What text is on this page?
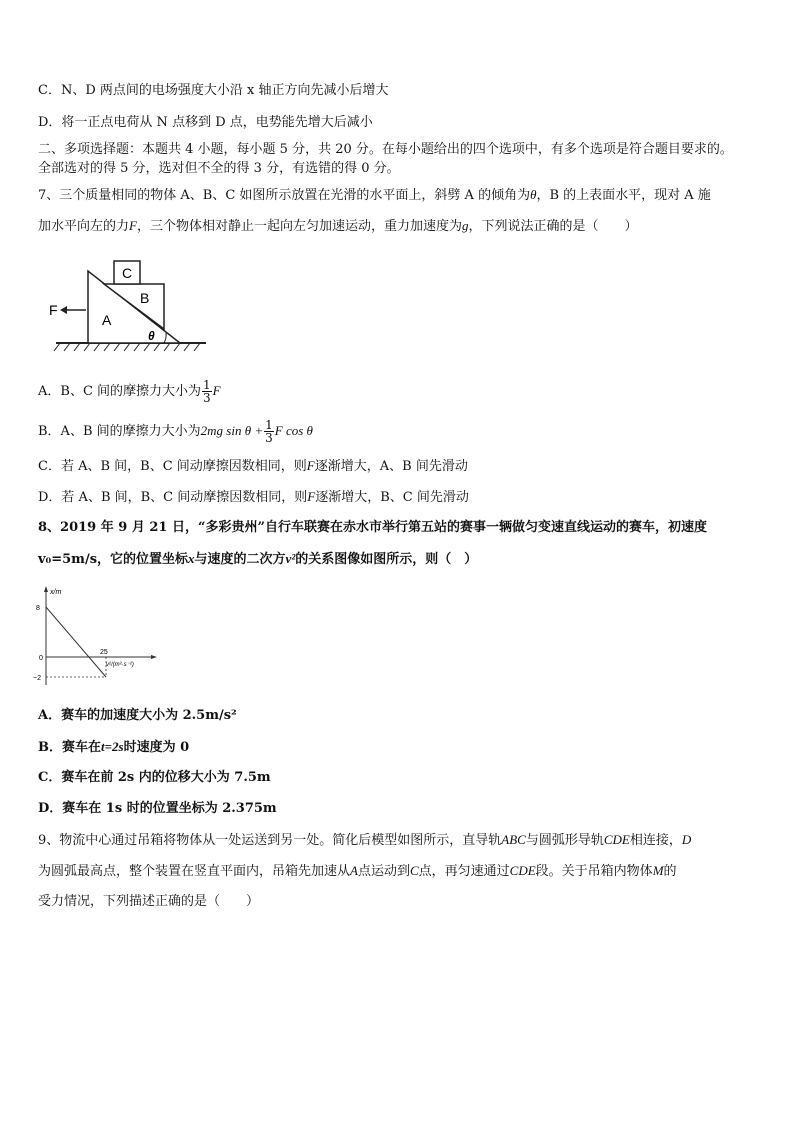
C．N、D 两点间的电场强度大小沿 x 轴正方向先减小后增大
D．将一正点电荷从 N 点移到 D 点，电势能先增大后减小
二、多项选择题：本题共 4 小题，每小题 5 分，共 20 分。在每小题给出的四个选项中，有多个选项是符合题目要求的。
全部选对的得 5 分，选对但不全的得 3 分，有选错的得 0 分。
7、三个质量相同的物体 A、B、C 如图所示放置在光滑的水平面上，斜劈 A 的倾角为θ，B 的上表面水平，现对 A 施
加水平向左的力F，三个物体相对静止一起向左匀加速运动，重力加速度为g，下列说法正确的是（　　）
F
C
B
A
θ
A．B、C 间的摩擦力大小为 $\frac{1}{3}$ F
B．A、B 间的摩擦力大小为2mg $\sin \theta + \frac{1}{3}$ F cos θ
C．若 A、B 间，B、C 间动摩擦因数相同，则F逐渐增大，A、B 间先滑动
D．若 A、B 间，B、C 间动摩擦因数相同，则F逐渐增大，B、C 间先滑动
8、2019 年 9 月 21 日，“多彩贵州”自行车联赛在赤水市举行第五站的赛事一辆做匀变速直线运动的赛车，初速度
v₀=5m/s，它的位置坐标x与速度的二次方v²的关系图像如图所示，则（　）
x/m
8
0
−2
25
v²/(m²·s⁻²)
A．赛车的加速度大小为 2.5m/s²
B．赛车在t=2s时速度为 0
C．赛车在前 2s 内的位移大小为 7.5m
D．赛车在 1s 时的位置坐标为 2.375m
9、物流中心通过吊箱将物体从一处运送到另一处。简化后模型如图所示，直导轨ABC与圆弧形导轨CDE相连接，D
为圆弧最高点，整个装置在竖直平面内，吊箱先加速从A点运动到C点，再匀速通过CDE段。关于吊箱内物体M的
受力情况，下列描述正确的是（　　）
